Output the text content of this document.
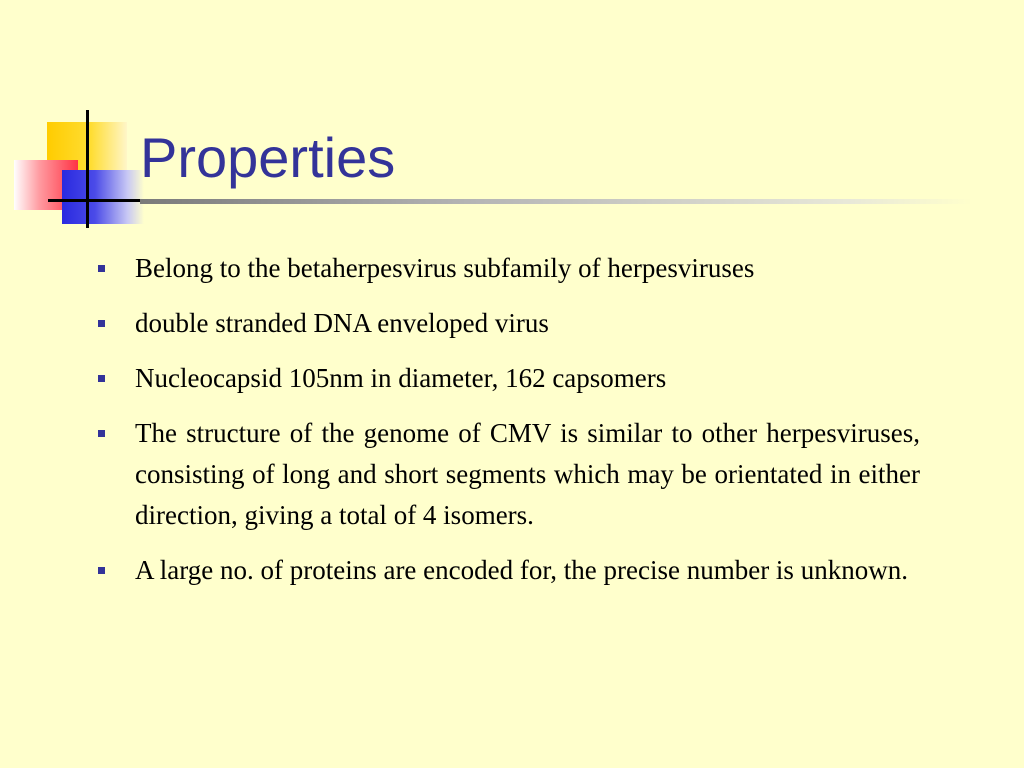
Properties
Belong to the betaherpesvirus subfamily of herpesviruses
double stranded DNA enveloped virus
Nucleocapsid 105nm in diameter, 162 capsomers
The structure of the genome of CMV is similar to other herpesviruses, consisting of long and short segments which may be orientated in either direction, giving a total of 4 isomers.
A large no. of proteins are encoded for, the precise number is unknown.
